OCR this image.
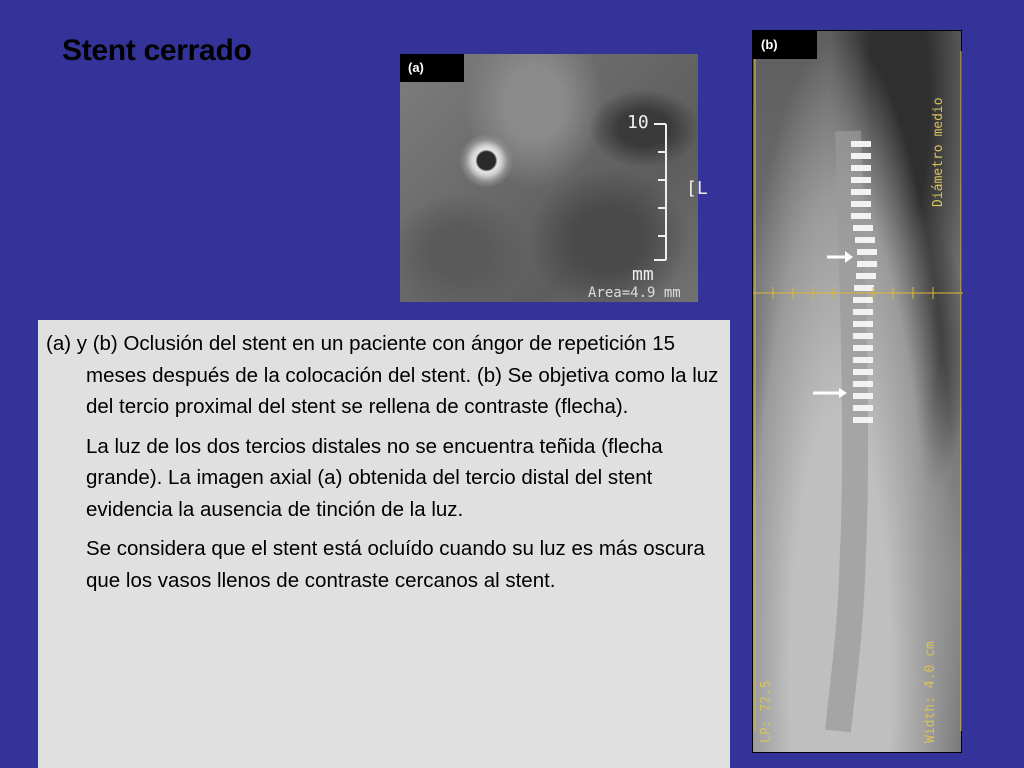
Stent cerrado
(a)
10
[L
mm
Area=4.9 mm
(b)
Diámetro medio
Width: 4.0 cm
LP: 72.5

(a) y (b) Oclusión del stent en un paciente con ángor de repetición 15 meses después de la colocación del stent. (b) Se objetiva como la luz del tercio proximal del stent se rellena de contraste (flecha).

La luz de los dos tercios distales no se encuentra teñida (flecha grande). La imagen axial (a) obtenida del tercio distal del stent evidencia la ausencia de tinción de la luz.

Se considera que el stent está ocluído cuando su luz es más oscura que los vasos llenos de contraste cercanos al stent.
